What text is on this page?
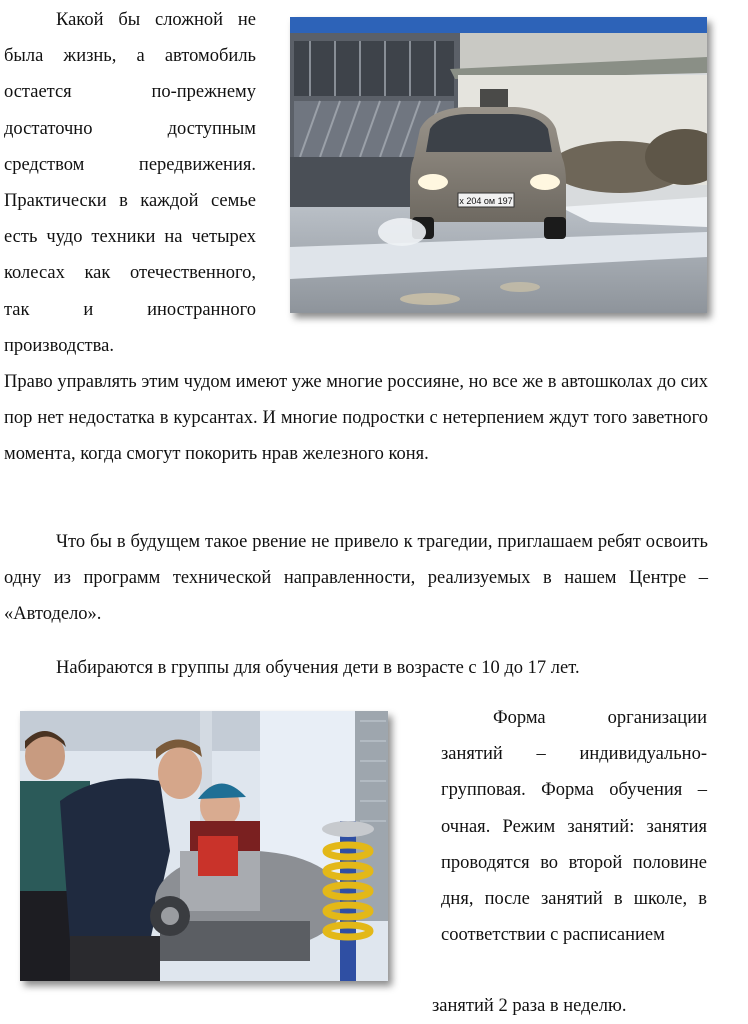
Какой бы сложной не была жизнь, а автомобиль остается по-прежнему достаточно доступным средством передвижения. Практически в каждой семье есть чудо техники на четырех колесах как отечественного, так и	иностранного производства.

х 204 ом 197

Право управлять этим чудом имеют уже многие россияне, но все же в автошколах до сих пор нет недостатка в курсантах. И многие подростки с нетерпением ждут того заветного момента, когда смогут покорить нрав железного коня.

Что бы в будущем такое рвение не привело к трагедии, приглашаем ребят освоить одну из программ технической направленности, реализуемых в нашем Центре – «Автодело».

Набираются в группы для обучения дети в возрасте с 10 до 17 лет.

Форма организации занятий – индивидуально-групповая. Форма обучения – очная. Режим занятий: занятия проводятся во второй половине дня, после занятий в школе, в соответствии с расписанием

занятий 2 раза в неделю.
